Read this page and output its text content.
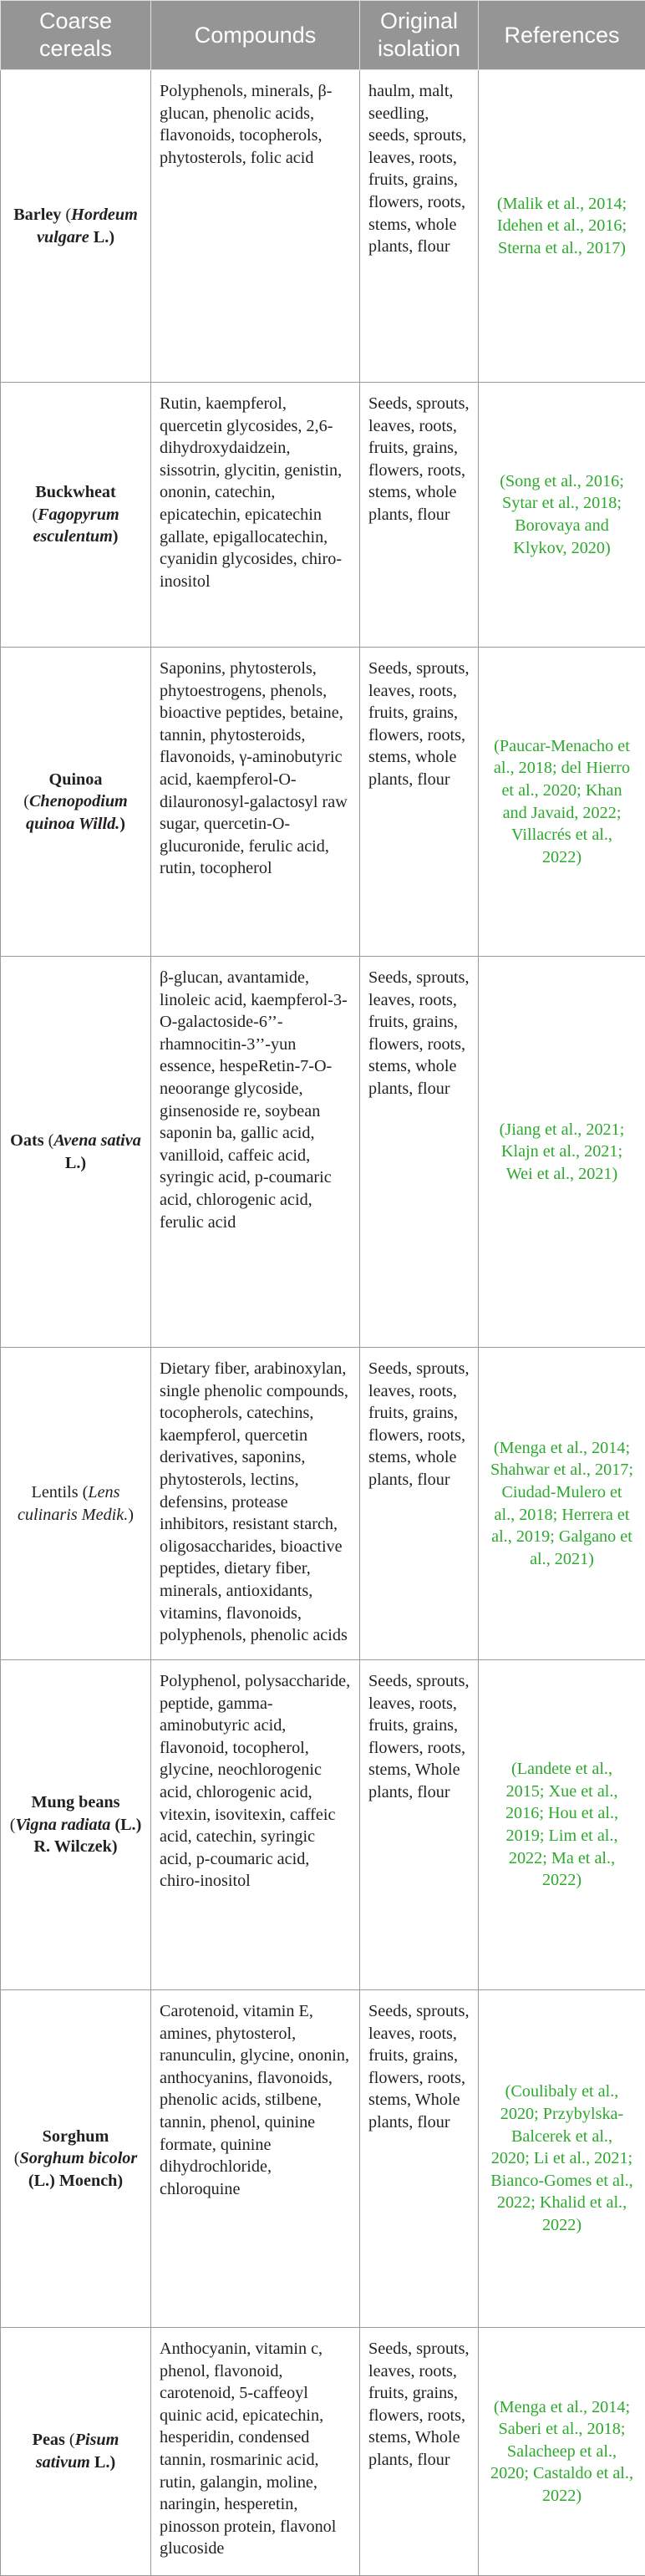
Coarse cereals	Compounds	Original isolation	References
Barley (Hordeum vulgare L.)	Polyphenols, minerals, β-glucan, phenolic acids, flavonoids, tocopherols, phytosterols, folic acid	haulm, malt, seedling, seeds, sprouts, leaves, roots, fruits, grains, flowers, roots, stems, whole plants, flour	(Malik et al., 2014; Idehen et al., 2016; Sterna et al., 2017)
Buckwheat (Fagopyrum esculentum)	Rutin, kaempferol, quercetin glycosides, 2,6-dihydroxydaidzein, sissotrin, glycitin, genistin, ononin, catechin, epicatechin, epicatechin gallate, epigallocatechin, cyanidin glycosides, chiro-inositol	Seeds, sprouts, leaves, roots, fruits, grains, flowers, roots, stems, whole plants, flour	(Song et al., 2016; Sytar et al., 2018; Borovaya and Klykov, 2020)
Quinoa (Chenopodium quinoa Willd.)	Saponins, phytosterols, phytoestrogens, phenols, bioactive peptides, betaine, tannin, phytosteroids, flavonoids, γ-aminobutyric acid, kaempferol-O-dilauronosyl-galactosyl raw sugar, quercetin-O-glucuronide, ferulic acid, rutin, tocopherol	Seeds, sprouts, leaves, roots, fruits, grains, flowers, roots, stems, whole plants, flour	(Paucar-Menacho et al., 2018; del Hierro et al., 2020; Khan and Javaid, 2022; Villacrés et al., 2022)
Oats (Avena sativa L.)	β-glucan, avantamide, linoleic acid, kaempferol-3-O-galactoside-6’’-rhamnocitin-3’’-yun essence, hespeRetin-7-O-neoorange glycoside, ginsenoside re, soybean saponin ba, gallic acid, vanilloid, caffeic acid, syringic acid, p-coumaric acid, chlorogenic acid, ferulic acid	Seeds, sprouts, leaves, roots, fruits, grains, flowers, roots, stems, whole plants, flour	(Jiang et al., 2021; Klajn et al., 2021; Wei et al., 2021)
Lentils (Lens culinaris Medik.)	Dietary fiber, arabinoxylan, single phenolic compounds, tocopherols, catechins, kaempferol, quercetin derivatives, saponins, phytosterols, lectins, defensins, protease inhibitors, resistant starch, oligosaccharides, bioactive peptides, dietary fiber, minerals, antioxidants, vitamins, flavonoids, polyphenols, phenolic acids	Seeds, sprouts, leaves, roots, fruits, grains, flowers, roots, stems, whole plants, flour	(Menga et al., 2014; Shahwar et al., 2017; Ciudad-Mulero et al., 2018; Herrera et al., 2019; Galgano et al., 2021)
Mung beans (Vigna radiata (L.) R. Wilczek)	Polyphenol, polysaccharide, peptide, gamma-aminobutyric acid, flavonoid, tocopherol, glycine, neochlorogenic acid, chlorogenic acid, vitexin, isovitexin, caffeic acid, catechin, syringic acid, p-coumaric acid, chiro-inositol	Seeds, sprouts, leaves, roots, fruits, grains, flowers, roots, stems, Whole plants, flour	(Landete et al., 2015; Xue et al., 2016; Hou et al., 2019; Lim et al., 2022; Ma et al., 2022)
Sorghum (Sorghum bicolor (L.) Moench)	Carotenoid, vitamin E, amines, phytosterol, ranunculin, glycine, ononin, anthocyanins, flavonoids, phenolic acids, stilbene, tannin, phenol, quinine formate, quinine dihydrochloride, chloroquine	Seeds, sprouts, leaves, roots, fruits, grains, flowers, roots, stems, Whole plants, flour	(Coulibaly et al., 2020; Przybylska-Balcerek et al., 2020; Li et al., 2021; Bianco-Gomes et al., 2022; Khalid et al., 2022)
Peas (Pisum sativum L.)	Anthocyanin, vitamin c, phenol, flavonoid, carotenoid, 5-caffeoyl quinic acid, epicatechin, hesperidin, condensed tannin, rosmarinic acid, rutin, galangin, moline, naringin, hesperetin, pinosson protein, flavonol glucoside	Seeds, sprouts, leaves, roots, fruits, grains, flowers, roots, stems, Whole plants, flour	(Menga et al., 2014; Saberi et al., 2018; Salacheep et al., 2020; Castaldo et al., 2022)
